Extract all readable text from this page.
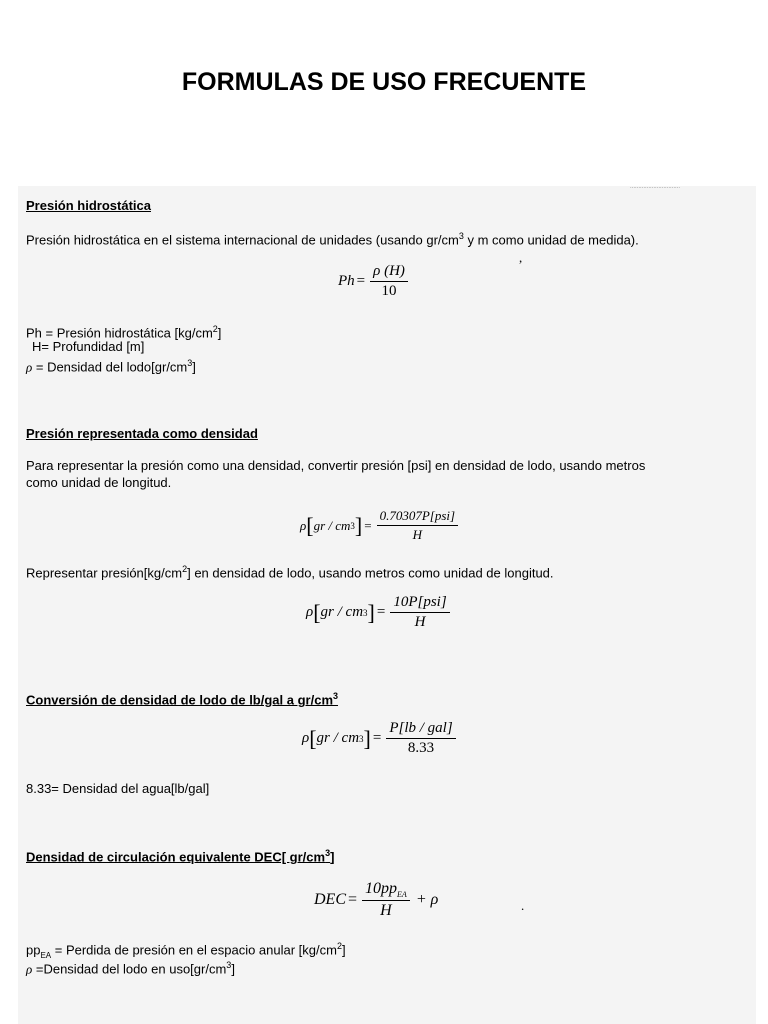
FORMULAS DE USO FRECUENTE
..............................
Presión hidrostática
Presión hidrostática en el sistema internacional de unidades (usando $gr/cm^3$ y m como unidad de medida).
,
$Ph = \frac{\rho (H)}{10}$
Ph = Presión hidrostática $[kg/cm^2]$
H= Profundidad [m]
ρ = Densidad del $lodo[gr/cm^3]$
Presión representada como densidad
Para representar la presión como una densidad, convertir presión [psi] en densidad de lodo, usando metros
como unidad de longitud.
ρ [ gr / cm 3 ] = $\frac{\text{0.70307P[psi]}}{H}$
Representar $presión[kg/cm^2]$ en densidad de lodo, usando metros como unidad de longitud.
ρ [ gr / cm 3 ] = $\frac{\text{10P[psi]}}{H}$
Conversión de densidad de lodo de lb/gal a $gr/cm^3$
ρ [ gr / cm 3 ] = $\frac{\text{P[lb / gal]}}{8.33}$
8.33= Densidad del agua[lb/gal]
Densidad de circulación equivalente DEC[ $gr/cm^3$]
DEC = $\frac{10pp_{EA}}{H} + \rho$	.
$pp_{EA}$ = Perdida de presión en el espacio anular $[kg/cm^2]$
ρ =Densidad del lodo en $uso[gr/cm^3]$
